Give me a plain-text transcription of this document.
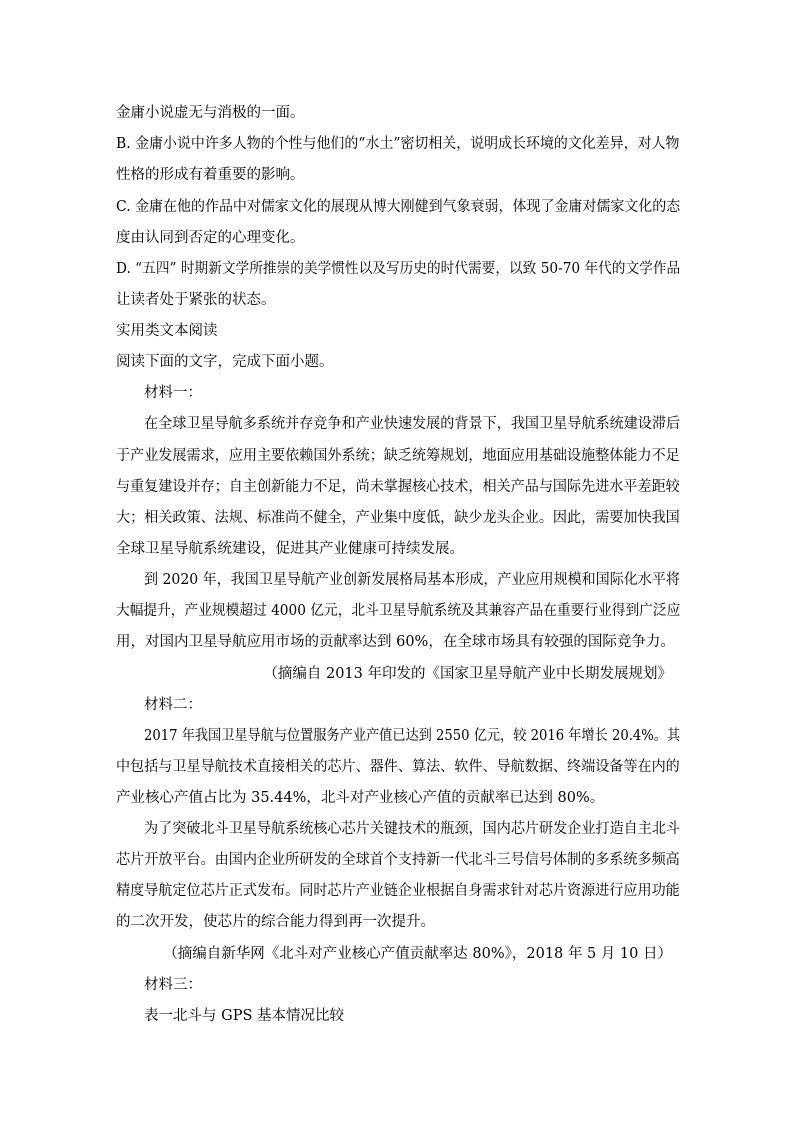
金庸小说虚无与消极的一面。
B. 金庸小说中许多人物的个性与他们的“水土”密切相关，说明成长环境的文化差异，对人物
性格的形成有着重要的影响。
C. 金庸在他的作品中对儒家文化的展现从博大刚健到气象衰弱，体现了金庸对儒家文化的态
度由认同到否定的心理变化。
D. “五四” 时期新文学所推崇的美学惯性以及写历史的时代需要，以致 50-70 年代的文学作品
让读者处于紧张的状态。
实用类文本阅读
阅读下面的文字，完成下面小题。
材料一：
在全球卫星导航多系统并存竞争和产业快速发展的背景下，我国卫星导航系统建设滞后
于产业发展需求，应用主要依赖国外系统；缺乏统筹规划，地面应用基础设施整体能力不足
与重复建设并存；自主创新能力不足，尚未掌握核心技术，相关产品与国际先进水平差距较
大；相关政策、法规、标准尚不健全，产业集中度低，缺少龙头企业。因此，需要加快我国
全球卫星导航系统建设，促进其产业健康可持续发展。
到 2020 年，我国卫星导航产业创新发展格局基本形成，产业应用规模和国际化水平将
大幅提升，产业规模超过 4000 亿元，北斗卫星导航系统及其兼容产品在重要行业得到广泛应
用，对国内卫星导航应用市场的贡献率达到 60%，在全球市场具有较强的国际竞争力。
（摘编自 2013 年印发的《国家卫星导航产业中长期发展规划》
材料二：
2017 年我国卫星导航与位置服务产业产值已达到 2550 亿元，较 2016 年增长 20.4%。其
中包括与卫星导航技术直接相关的芯片、器件、算法、软件、导航数据、终端设备等在内的
产业核心产值占比为 35.44%，北斗对产业核心产值的贡献率已达到 80%。
为了突破北斗卫星导航系统核心芯片关键技术的瓶颈，国内芯片研发企业打造自主北斗
芯片开放平台。由国内企业所研发的全球首个支持新一代北斗三号信号体制的多系统多频高
精度导航定位芯片正式发布。同时芯片产业链企业根据自身需求针对芯片资源进行应用功能
的二次开发，使芯片的综合能力得到再一次提升。
（摘编自新华网《北斗对产业核心产值贡献率达 80%》，2018 年 5 月 10 日）
材料三：
表一北斗与 GPS 基本情况比较
